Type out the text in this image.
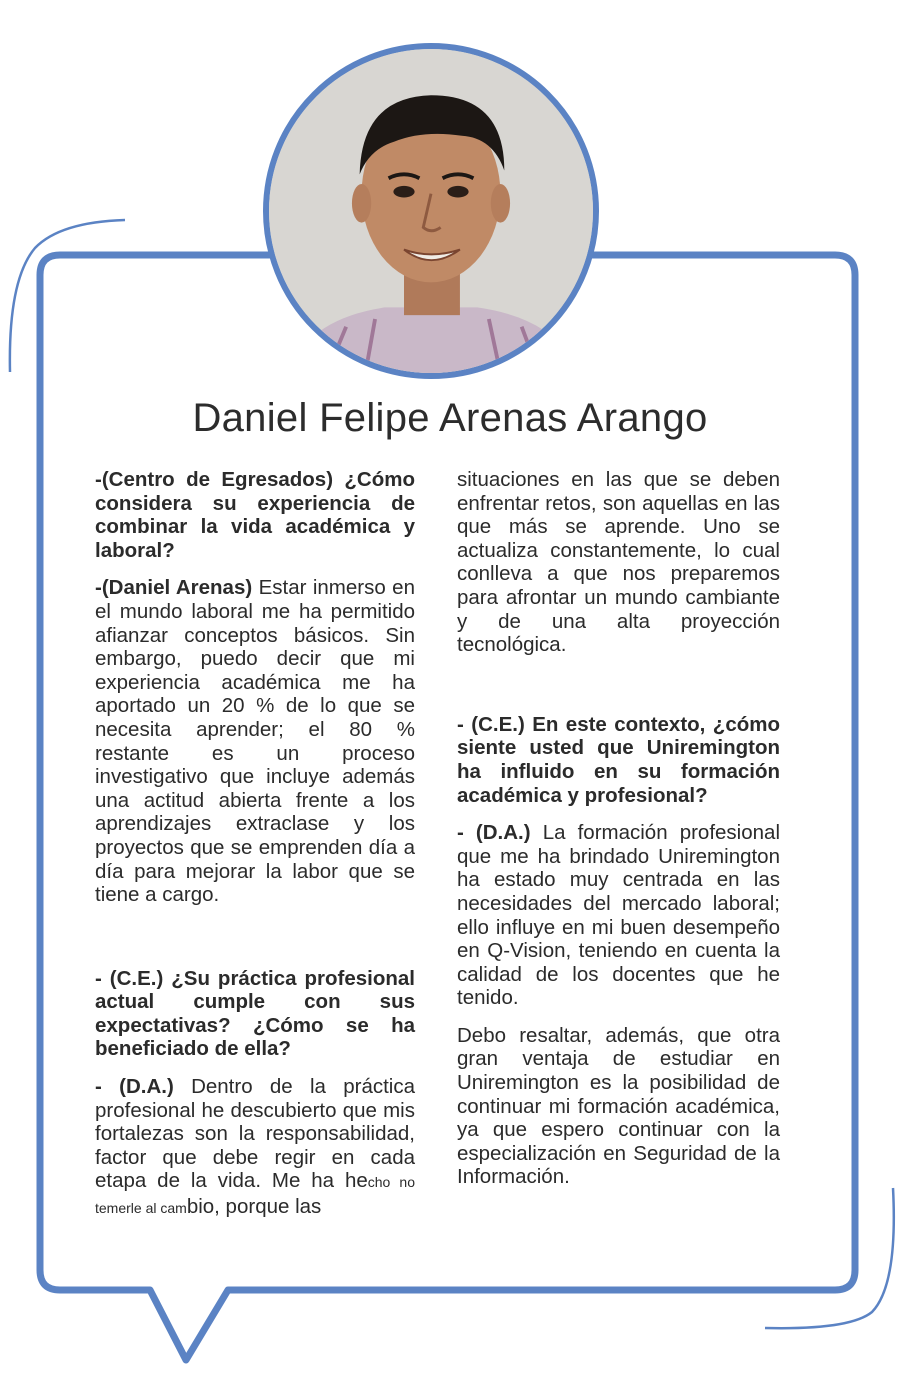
Daniel Felipe Arenas Arango

-(Centro de Egresados) ¿Cómo considera su experiencia de combinar la vida académica y laboral?

-(Daniel Arenas) Estar inmerso en el mundo laboral me ha permitido afianzar conceptos básicos. Sin embargo, puedo decir que mi experiencia académica me ha aportado un 20 % de lo que se necesita aprender; el 80 % restante es un proceso investigativo que incluye además una actitud abierta frente a los aprendizajes extraclase y los proyectos que se emprenden día a día para mejorar la labor que se tiene a cargo.

- (C.E.) ¿Su práctica profesional actual cumple con sus expectativas? ¿Cómo se ha beneficiado de ella?

- (D.A.) Dentro de la práctica profesional he descubierto que mis fortalezas son la responsabilidad, factor que debe regir en cada etapa de la vida. Me ha hecho no temerle al cambio, porque las

situaciones en las que se deben enfrentar retos, son aquellas en las que más se aprende. Uno se actualiza constantemente, lo cual conlleva a que nos preparemos para afrontar un mundo cambiante y de una alta proyección tecnológica.

- (C.E.) En este contexto, ¿cómo siente usted que Uniremington ha influido en su formación académica y profesional?

- (D.A.) La formación profesional que me ha brindado Uniremington ha estado muy centrada en las necesidades del mercado laboral; ello influye en mi buen desempeño en Q-Vision, teniendo en cuenta la calidad de los docentes que he tenido.

Debo resaltar, además, que otra gran ventaja de estudiar en Uniremington es la posibilidad de continuar mi formación académica, ya que espero continuar con la especialización en Seguridad de la Información.
